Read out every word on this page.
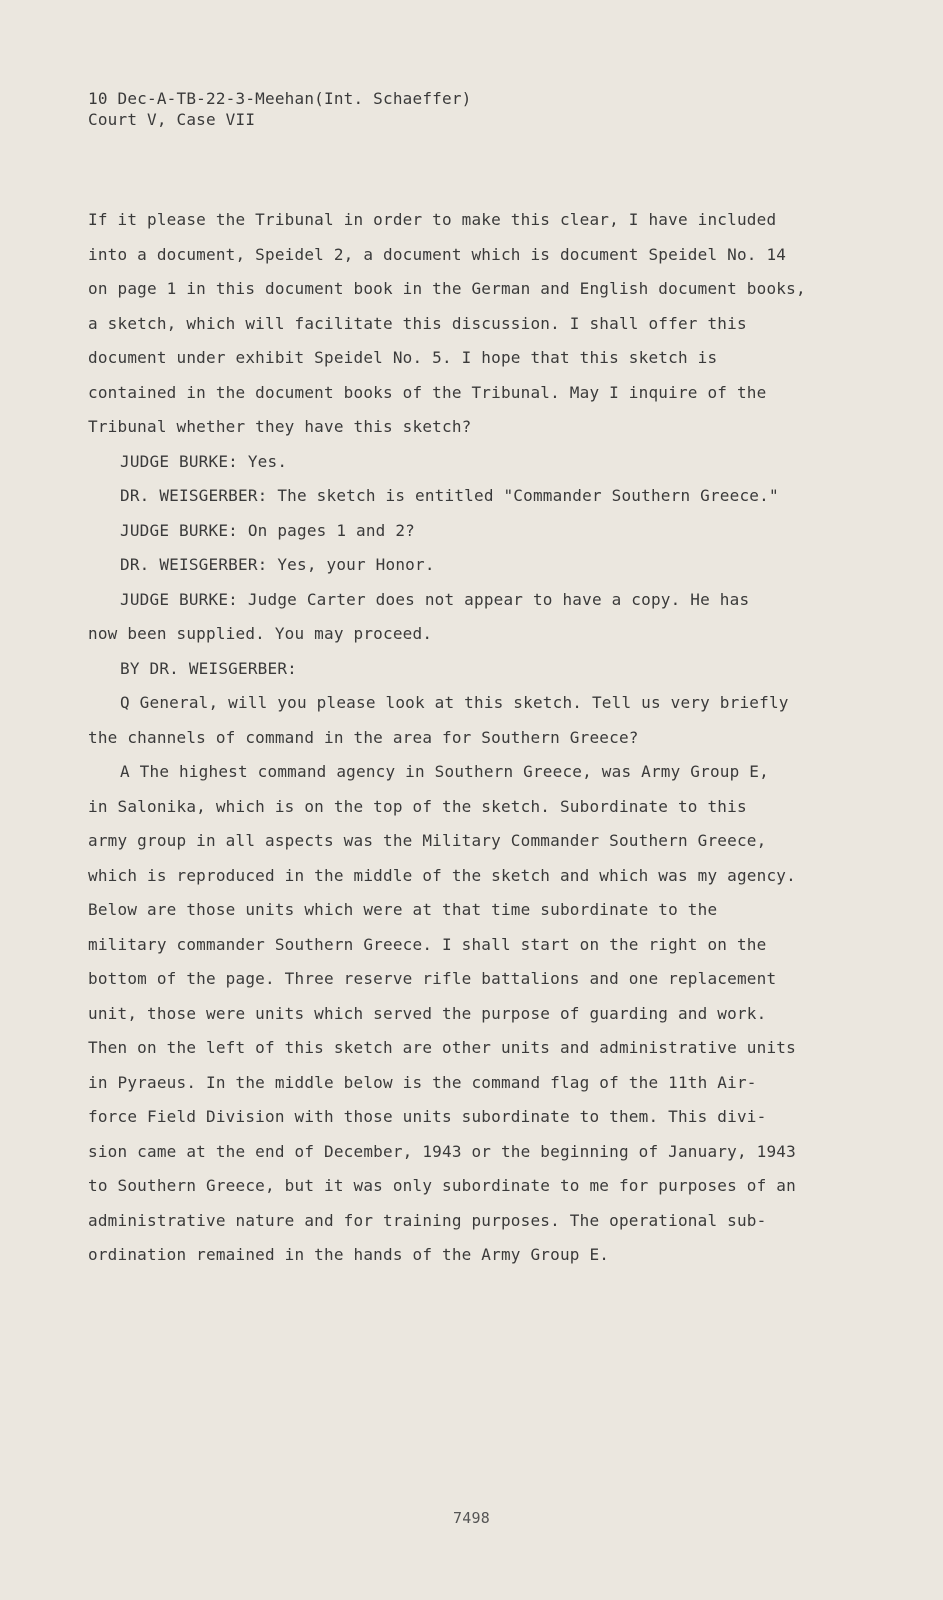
10 Dec-A-TB-22-3-Meehan(Int. Schaeffer)
Court V, Case VII
If it please the Tribunal in order to make this clear, I have included
into a document, Speidel 2, a document which is document Speidel No. 14
on page 1 in this document book in the German and English document books,
a sketch, which will facilitate this discussion. I shall offer this
document under exhibit Speidel No. 5. I hope that this sketch is
contained in the document books of the Tribunal. May I inquire of the
Tribunal whether they have this sketch?
JUDGE BURKE: Yes.
DR. WEISGERBER: The sketch is entitled "Commander Southern Greece."
JUDGE BURKE: On pages 1 and 2?
DR. WEISGERBER: Yes, your Honor.
JUDGE BURKE: Judge Carter does not appear to have a copy. He has
now been supplied. You may proceed.
BY DR. WEISGERBER:
Q General, will you please look at this sketch. Tell us very briefly
the channels of command in the area for Southern Greece?
A The highest command agency in Southern Greece, was Army Group E,
in Salonika, which is on the top of the sketch. Subordinate to this
army group in all aspects was the Military Commander Southern Greece,
which is reproduced in the middle of the sketch and which was my agency.
Below are those units which were at that time subordinate to the
military commander Southern Greece. I shall start on the right on the
bottom of the page. Three reserve rifle battalions and one replacement
unit, those were units which served the purpose of guarding and work.
Then on the left of this sketch are other units and administrative units
in Pyraeus. In the middle below is the command flag of the 11th Air-
force Field Division with those units subordinate to them. This divi-
sion came at the end of December, 1943 or the beginning of January, 1943
to Southern Greece, but it was only subordinate to me for purposes of an
administrative nature and for training purposes. The operational sub-
ordination remained in the hands of the Army Group E.
7498
